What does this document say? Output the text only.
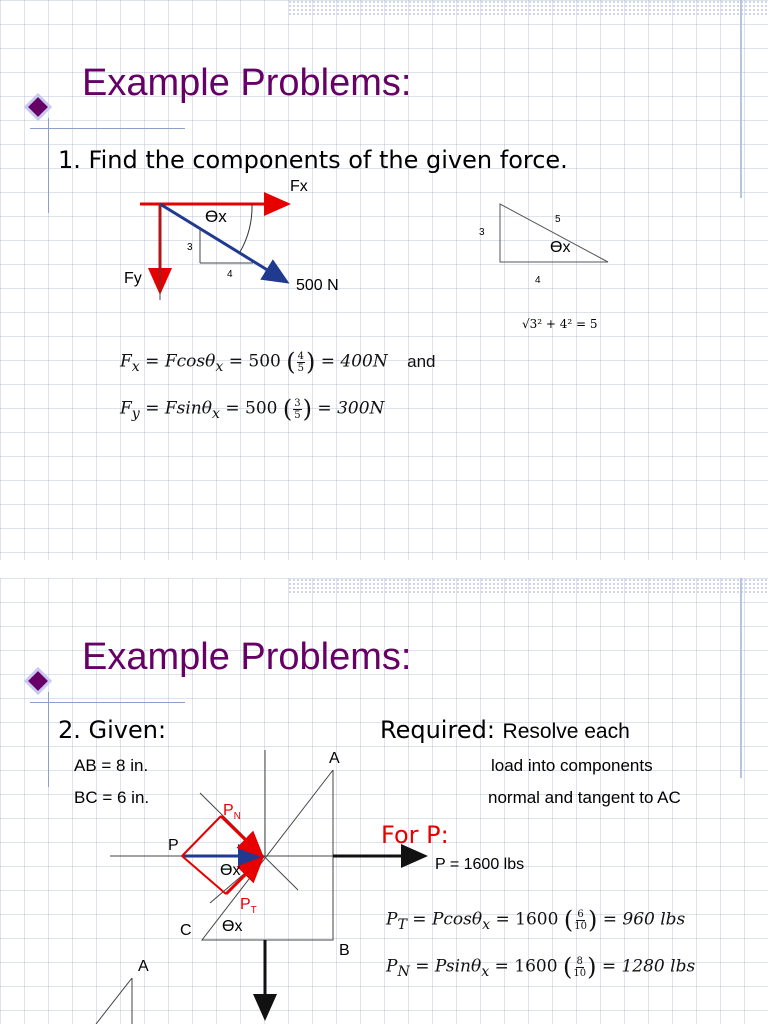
Example Problems:
1. Find the components of the given force.
Fx
Fy
ϴx
3
4
500 N
3
5
4
ϴx
√3² + 4² = 5
$F_x = Fcos\theta_x = 500$ ( $\frac{4}{5}$ ) = 400N and
$F_y = Fsin\theta_x = 500$ ( $\frac{3}{5}$ ) = 300N
Example Problems:
2. Given:
AB = 8 in.
BC = 6 in.
Required: Resolve each
load into components
normal and tangent to AC
For P:
P = 1600 lbs
A
B
C
P
$P_N$
$P_T$
ϴx
ϴx
A
$P_T = Pcos\theta_x = 1600$ ( $\frac{6}{10}$ ) = 960 lbs
$P_N = Psin\theta_x = 1600$ ( $\frac{8}{10}$ ) = 1280 lbs
